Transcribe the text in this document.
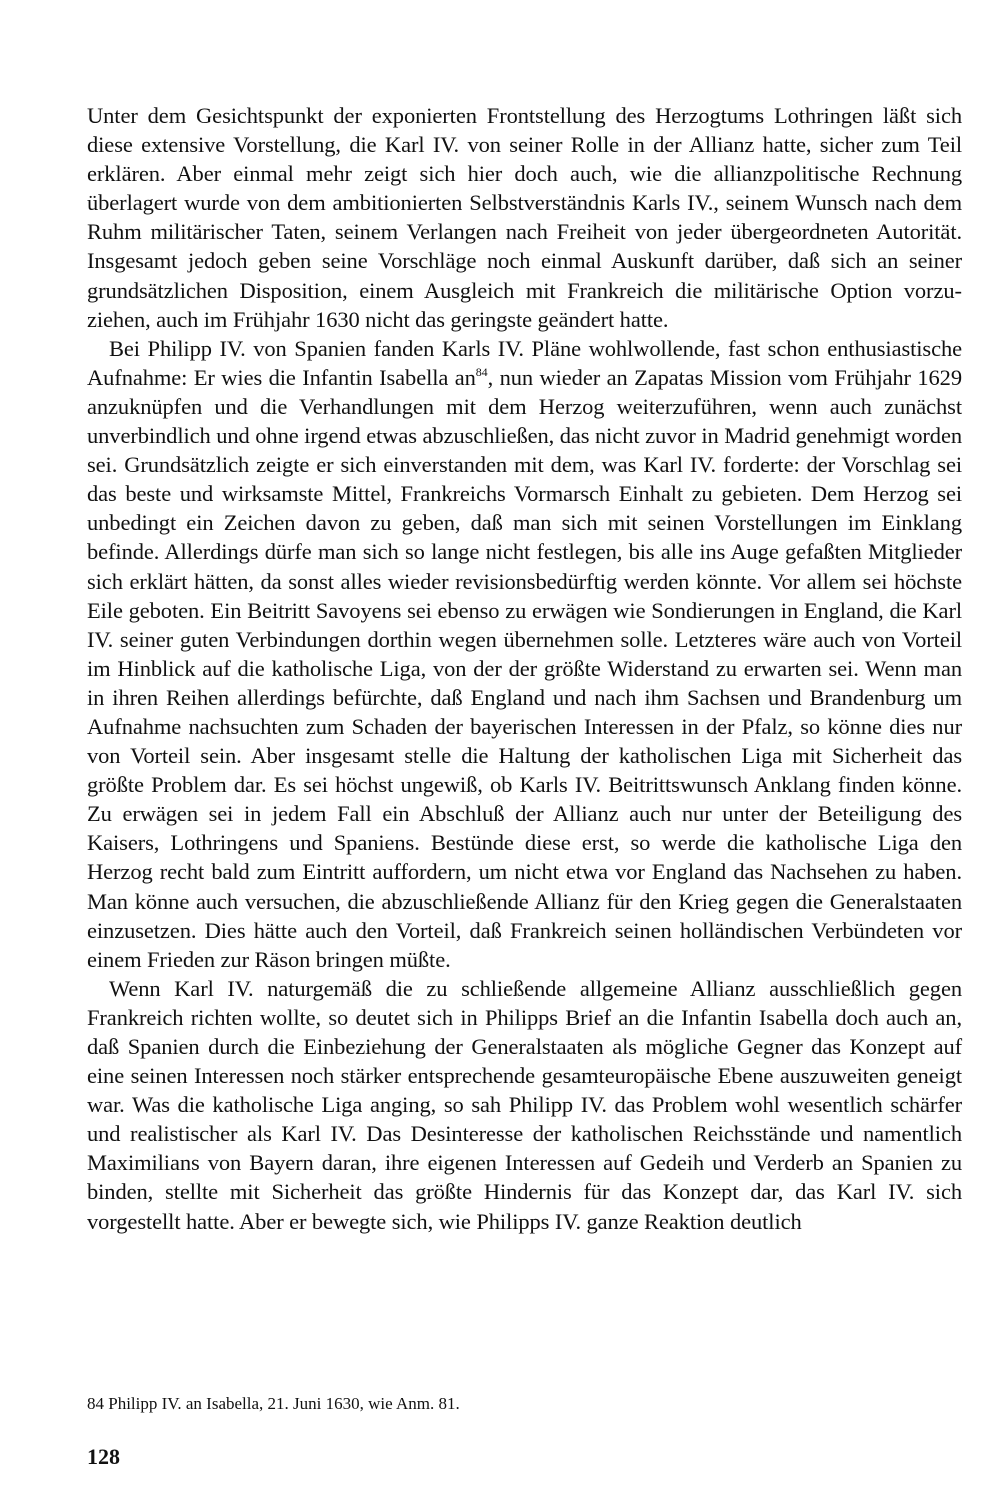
Unter dem Gesichtspunkt der exponierten Frontstellung des Herzogtums Lothringen läßt sich diese extensive Vorstellung, die Karl IV. von seiner Rolle in der Allianz hatte, sicher zum Teil erklären. Aber einmal mehr zeigt sich hier doch auch, wie die allianzpolitische Rechnung überlagert wurde von dem ambitionierten Selbstverständnis Karls IV., seinem Wunsch nach dem Ruhm militärischer Taten, seinem Verlangen nach Freiheit von jeder übergeordneten Autorität. Insgesamt jedoch geben seine Vorschläge noch einmal Auskunft darüber, daß sich an seiner grundsätzlichen Disposition, einem Ausgleich mit Frankreich die militärische Option vorzuziehen, auch im Frühjahr 1630 nicht das geringste geändert hatte.

Bei Philipp IV. von Spanien fanden Karls IV. Pläne wohlwollende, fast schon enthusiastische Aufnahme: Er wies die Infantin Isabella $an^{84}$, nun wieder an Zapatas Mission vom Frühjahr 1629 anzuknüpfen und die Verhandlungen mit dem Herzog weiterzuführen, wenn auch zunächst unverbindlich und ohne irgend etwas abzuschließen, das nicht zuvor in Madrid genehmigt worden sei. Grundsätzlich zeigte er sich einverstanden mit dem, was Karl IV. forderte: der Vorschlag sei das beste und wirksamste Mittel, Frankreichs Vormarsch Einhalt zu gebieten. Dem Herzog sei unbedingt ein Zeichen davon zu geben, daß man sich mit seinen Vorstellungen im Einklang befinde. Allerdings dürfe man sich so lange nicht festlegen, bis alle ins Auge gefaßten Mitglieder sich erklärt hätten, da sonst alles wieder revisionsbedürftig werden könnte. Vor allem sei höchste Eile geboten. Ein Beitritt Savoyens sei ebenso zu erwägen wie Sondierungen in England, die Karl IV. seiner guten Verbindungen dorthin wegen übernehmen solle. Letzteres wäre auch von Vorteil im Hinblick auf die katholische Liga, von der der größte Widerstand zu erwarten sei. Wenn man in ihren Reihen allerdings befürchte, daß England und nach ihm Sachsen und Brandenburg um Aufnahme nachsuchten zum Schaden der bayerischen Interessen in der Pfalz, so könne dies nur von Vorteil sein. Aber insgesamt stelle die Haltung der katholischen Liga mit Sicherheit das größte Problem dar. Es sei höchst ungewiß, ob Karls IV. Beitrittswunsch Anklang finden könne. Zu erwägen sei in jedem Fall ein Abschluß der Allianz auch nur unter der Beteiligung des Kaisers, Lothringens und Spaniens. Bestünde diese erst, so werde die katholische Liga den Herzog recht bald zum Eintritt auffordern, um nicht etwa vor England das Nachsehen zu haben. Man könne auch versuchen, die abzuschließende Allianz für den Krieg gegen die Generalstaaten einzusetzen. Dies hätte auch den Vorteil, daß Frankreich seinen holländischen Verbündeten vor einem Frieden zur Räson bringen müßte.

Wenn Karl IV. naturgemäß die zu schließende allgemeine Allianz ausschließlich gegen Frankreich richten wollte, so deutet sich in Philipps Brief an die Infantin Isabella doch auch an, daß Spanien durch die Einbeziehung der Generalstaaten als mögliche Gegner das Konzept auf eine seinen Interessen noch stärker entsprechende gesamteuropäische Ebene auszuweiten geneigt war. Was die katholische Liga anging, so sah Philipp IV. das Problem wohl wesentlich schärfer und realistischer als Karl IV. Das Desinteresse der katholischen Reichsstände und namentlich Maximilians von Bayern daran, ihre eigenen Interessen auf Gedeih und Verderb an Spanien zu binden, stellte mit Sicherheit das größte Hindernis für das Konzept dar, das Karl IV. sich vorgestellt hatte. Aber er bewegte sich, wie Philipps IV. ganze Reaktion deutlich

84 Philipp IV. an Isabella, 21. Juni 1630, wie Anm. 81.

128
